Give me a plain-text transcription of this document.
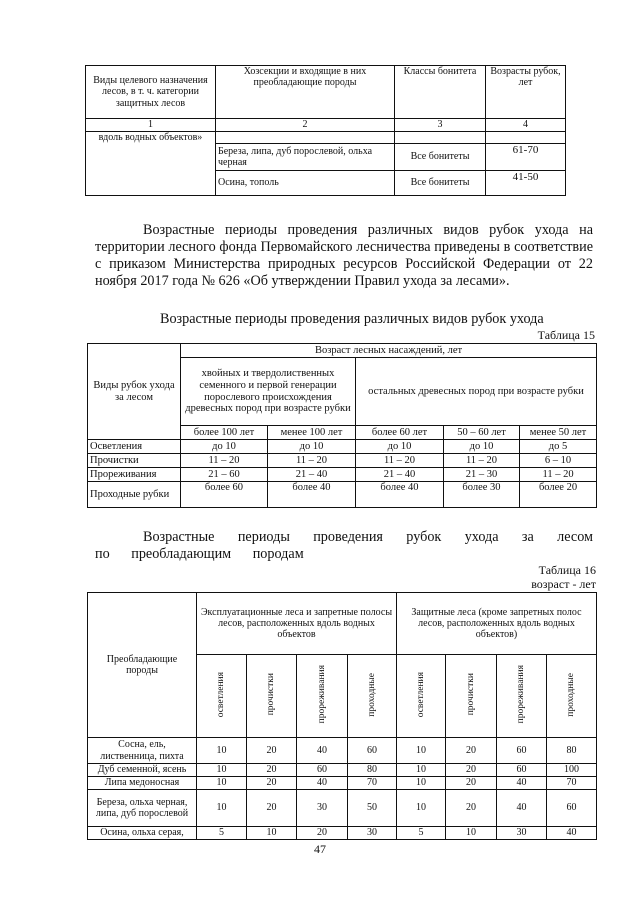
Виды целевого назначения лесов, в т. ч. категории защитных лесов	Хозсекции и входящие в них преобладающие породы	Классы бонитета	Возрасты рубок, лет
1	2	3	4
вдоль водных объектов»			
	Береза, липа, дуб порослевой, ольха черная	Все бонитеты	61-70
	Осина, тополь	Все бонитеты	41-50
Возрастные периоды проведения различных видов рубок ухода на территории лесного фонда Первомайского лесничества приведены в соответствие с приказом Министерства природных ресурсов Российской Федерации от 22 ноября 2017 года № 626 «Об утверждении Правил ухода за лесами».
Возрастные периоды проведения различных видов рубок ухода
Таблица 15
Виды рубок ухода за лесом	Возраст лесных насаждений, лет				
	хвойных и твердолиственных семенного и первой генерации порослевого происхождения древесных пород при возрасте рубки		остальных древесных пород при возрасте рубки		
	более 100 лет	менее 100 лет	более 60 лет	50 – 60 лет	менее 50 лет
Осветления	до 10	до 10	до 10	до 10	до 5
Прочистки	11 – 20	11 – 20	11 – 20	11 – 20	6 – 10
Прореживания	21 – 60	21 – 40	21 – 40	21 – 30	11 – 20
Проходные рубки	более 60	более 40	более 40	более 30	более 20
Возрастные периоды проведения рубок ухода за лесом по преобладающим породам
Таблица 16
возраст - лет
Преобладающие породы	Эксплуатационные леса и запретные полосы лесов, расположенных вдоль водных объектов				Защитные леса (кроме запретных полос лесов, расположенных вдоль водных объектов)			
	осветления	прочистки	прореживания	проходные	осветления	прочистки	прореживания	проходные
Сосна, ель, лиственница, пихта	10	20	40	60	10	20	60	80
Дуб семенной, ясень	10	20	60	80	10	20	60	100
Липа медоносная	10	20	40	70	10	20	40	70
Береза, ольха черная, липа, дуб порослевой	10	20	30	50	10	20	40	60
Осина, ольха серая,	5	10	20	30	5	10	30	40
47
